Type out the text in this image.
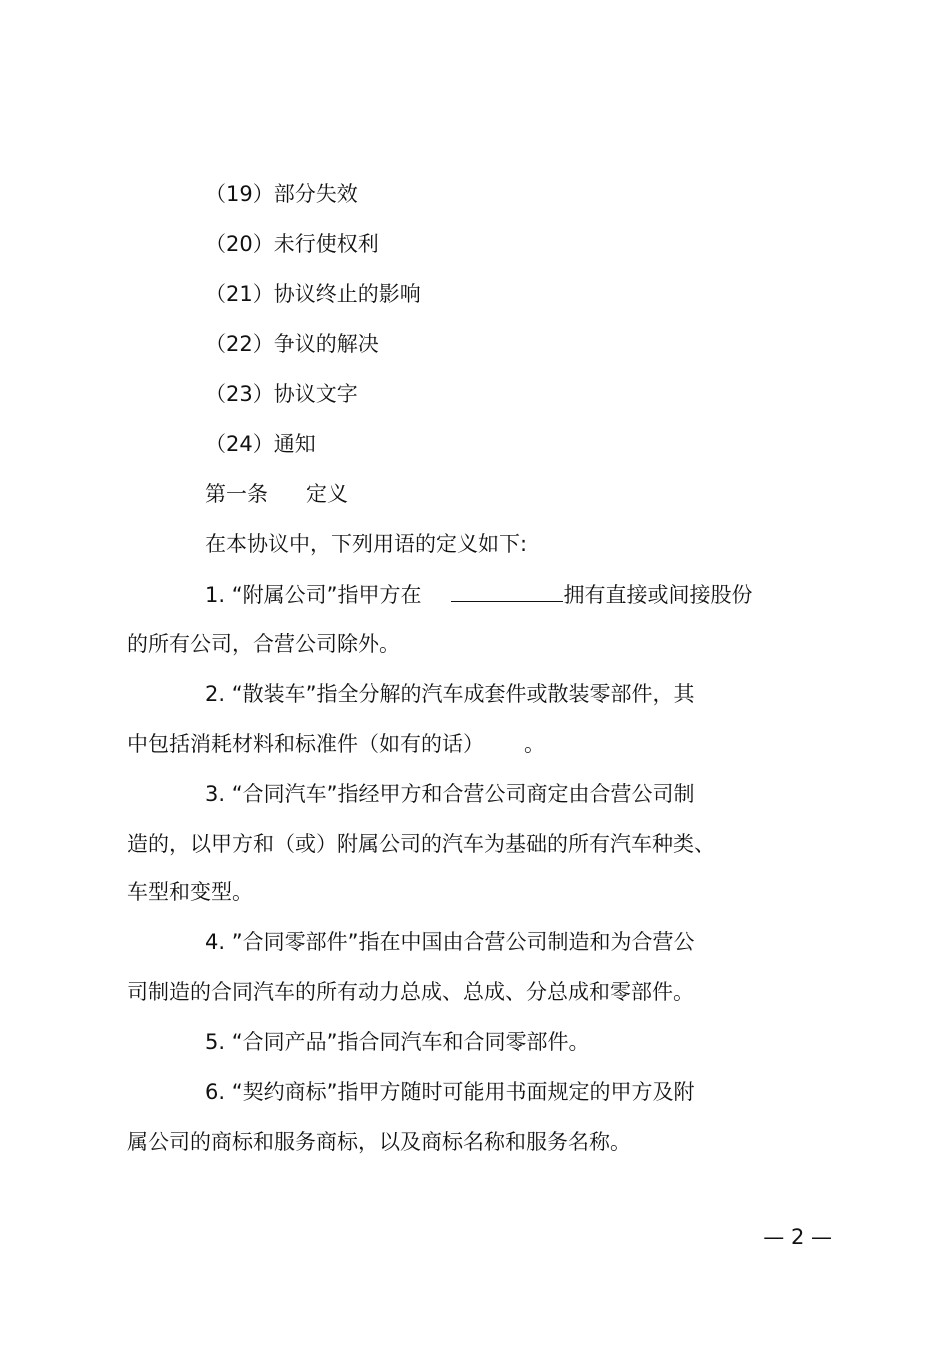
（19）部分失效
（20）未行使权利
（21）协议终止的影响
（22）争议的解决
（23）协议文字
（24）通知
第一条 定义
在本协议中，下列用语的定义如下:
1. “附属公司”指甲方在	拥有直接或间接股份
的所有公司，合营公司除外。
2. “散装车”指全分解的汽车成套件或散装零部件，其
中包括消耗材料和标准件（如有的话） 。
3. “合同汽车”指经甲方和合营公司商定由合营公司制
造的，以甲方和（或）附属公司的汽车为基础的所有汽车种类、
车型和变型。
4. ”合同零部件”指在中国由合营公司制造和为合营公
司制造的合同汽车的所有动力总成、总成、分总成和零部件。
5. “合同产品”指合同汽车和合同零部件。
6. “契约商标”指甲方随时可能用书面规定的甲方及附
属公司的商标和服务商标，以及商标名称和服务名称。
— 2 —
